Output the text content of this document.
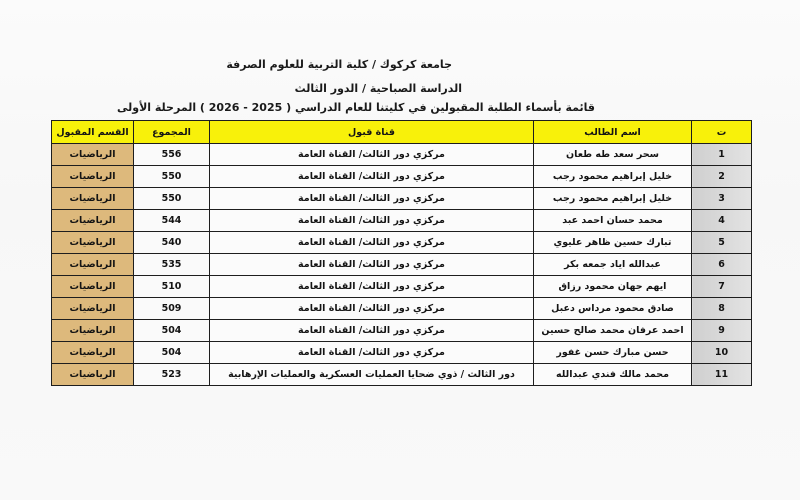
جامعة كركوك / كلية التربية للعلوم الصرفة
الدراسة الصباحية / الدور الثالث
قائمة بأسماء الطلبة المقبولين في كليتنا للعام الدراسي ( 2025 - 2026 ) المرحلة الأولى
ت	اسم الطالب	قناة قبول	المجموع	القسم المقبول
1	سحر سعد طه طعان	مركزي دور الثالث/ القناة العامة	556	الرياضيات
2	خليل إبراهيم محمود رجب	مركزي دور الثالث/ القناة العامة	550	الرياضيات
3	خليل إبراهيم محمود رجب	مركزي دور الثالث/ القناة العامة	550	الرياضيات
4	محمد حسان احمد عبد	مركزي دور الثالث/ القناة العامة	544	الرياضيات
5	تبارك حسين ظاهر عليوي	مركزي دور الثالث/ القناة العامة	540	الرياضيات
6	عبدالله اياد جمعه بكر	مركزي دور الثالث/ القناة العامة	535	الرياضيات
7	ايهم جهان محمود رزاق	مركزي دور الثالث/ القناة العامة	510	الرياضيات
8	صادق محمود مرداس دعبل	مركزي دور الثالث/ القناة العامة	509	الرياضيات
9	احمد عرفان محمد صالح حسين	مركزي دور الثالث/ القناة العامة	504	الرياضيات
10	حسن مبارك حسن غفور	مركزي دور الثالث/ القناة العامة	504	الرياضيات
11	محمد مالك فندي عبدالله	دور الثالث / ذوي ضحايا العمليات العسكرية والعمليات الإرهابية	523	الرياضيات
